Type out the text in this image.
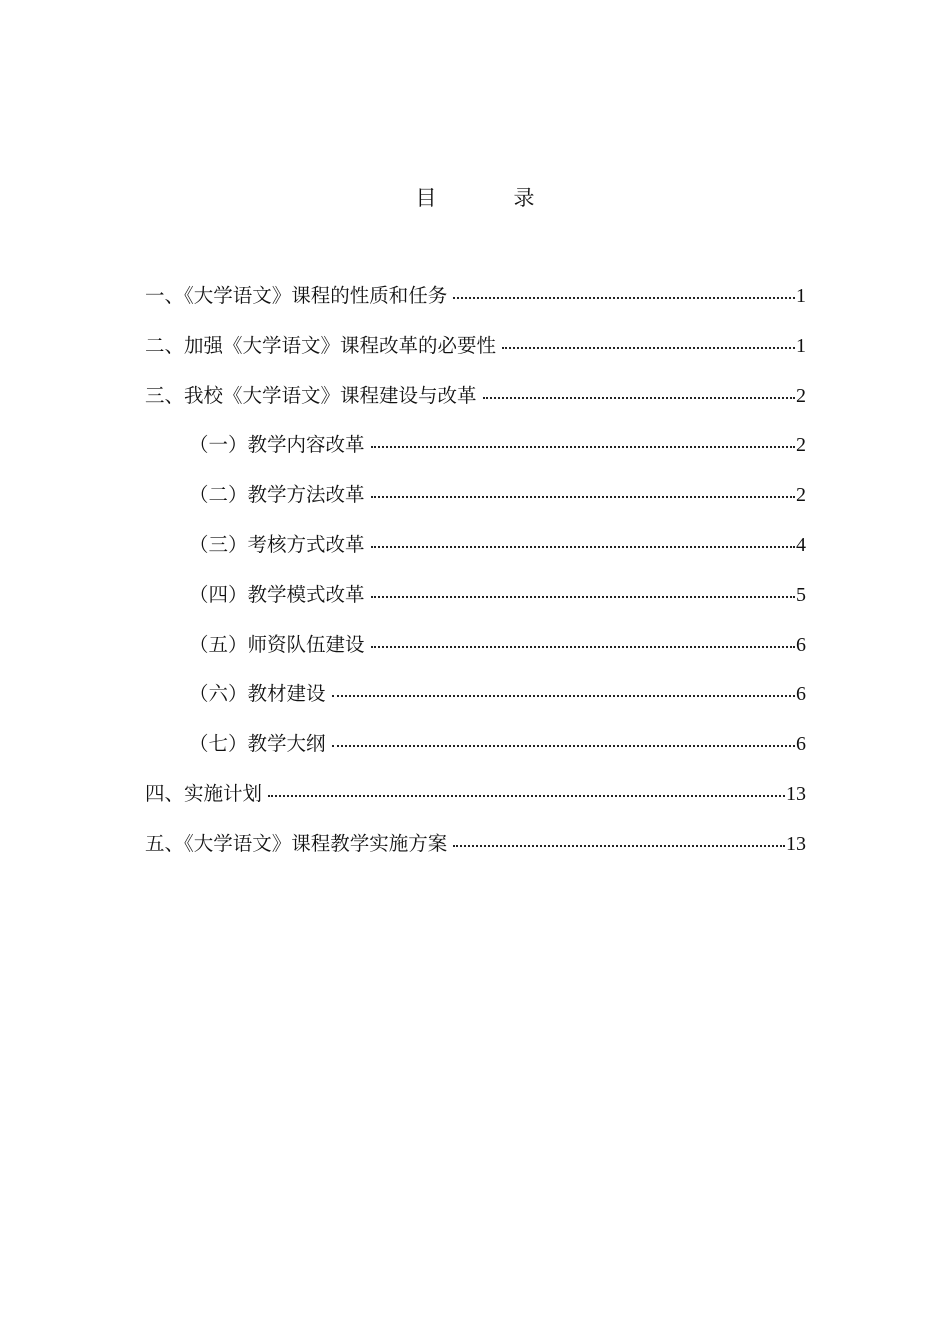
目　录
一、《大学语文》课程的性质和任务	1
二、加强《大学语文》课程改革的必要性	1
三、我校《大学语文》课程建设与改革	2
（一）教学内容改革	2
（二）教学方法改革	2
（三）考核方式改革	4
（四）教学模式改革	5
（五）师资队伍建设	6
（六）教材建设	6
（七）教学大纲	6
四、实施计划	13
五、《大学语文》课程教学实施方案	13
